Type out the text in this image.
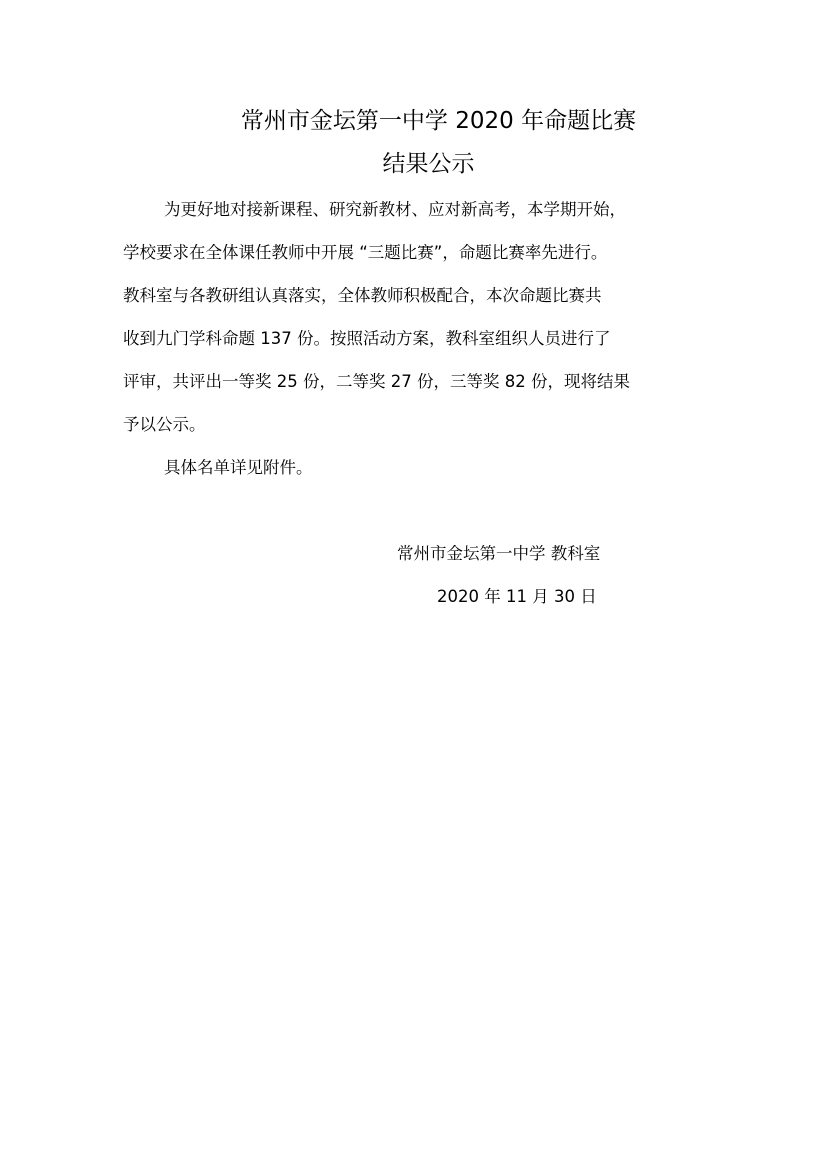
常州市金坛第一中学 2020 年命题比赛
结果公示
为更好地对接新课程、研究新教材、应对新高考，本学期开始，
学校要求在全体课任教师中开展 “三题比赛”，命题比赛率先进行。
教科室与各教研组认真落实，全体教师积极配合，本次命题比赛共
收到九门学科命题 137 份。按照活动方案，教科室组织人员进行了
评审，共评出一等奖 25 份，二等奖 27 份，三等奖 82 份，现将结果
予以公示。
具体名单详见附件。
常州市金坛第一中学 教科室
2020 年 11 月 30 日
